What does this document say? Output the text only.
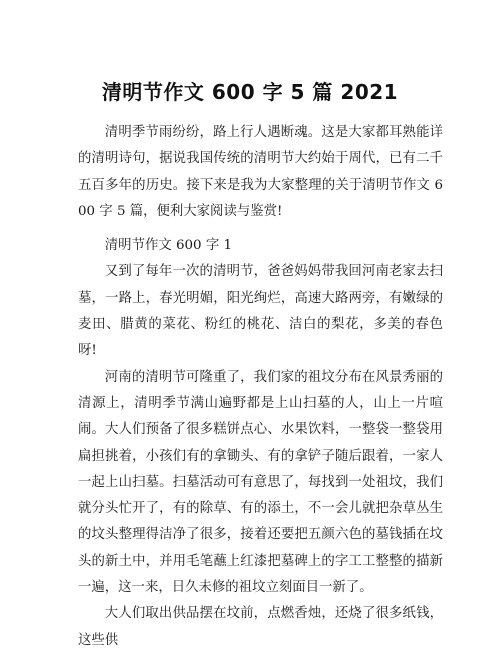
清明节作文 600 字 5 篇 2021

清明季节雨纷纷，路上行人遇断魂。这是大家都耳熟能详的清明诗句，据说我国传统的清明节大约始于周代，已有二千五百多年的历史。接下来是我为大家整理的关于清明节作文 600 字 5 篇，便利大家阅读与鉴赏!

清明节作文 600 字 1

又到了每年一次的清明节，爸爸妈妈带我回河南老家去扫墓，一路上，春光明媚，阳光绚烂，高速大路两旁，有嫩绿的麦田、腊黄的菜花、粉红的桃花、洁白的梨花，多美的春色呀!

河南的清明节可隆重了，我们家的祖坟分布在风景秀丽的清源上，清明季节满山遍野都是上山扫墓的人，山上一片喧闹。大人们预备了很多糕饼点心、水果饮料，一整袋一整袋用扁担挑着，小孩们有的拿锄头、有的拿铲子随后跟着，一家人一起上山扫墓。扫墓活动可有意思了，每找到一处祖坟，我们就分头忙开了，有的除草、有的添土，不一会儿就把杂草丛生的坟头整理得洁净了很多，接着还要把五颜六色的墓钱插在坟头的新土中，并用毛笔蘸上红漆把墓碑上的字工工整整的描新一遍，这一来，日久未修的祖坟立刻面目一新了。

大人们取出供品摆在坟前，点燃香烛，还烧了很多纸钱，这些供
